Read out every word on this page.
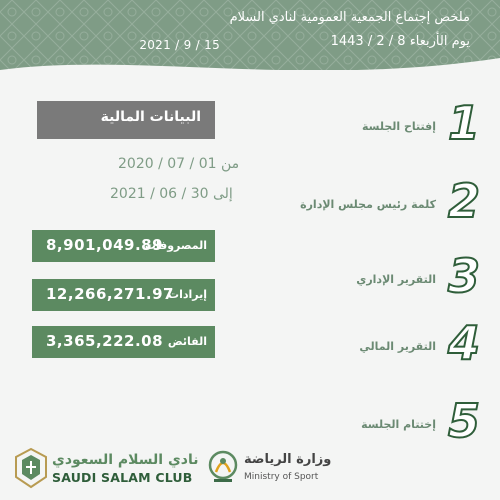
ملخص إجتماع الجمعية العمومية لنادي السلام
يوم الأربعاء 8 / 2 / 1443
2021 / 9 / 15
البيانات المالية
من 01 / 07 / 2020
إلى 30 / 06 / 2021
المصروفات
8,901,049.89
إيرادات
12,266,271.97
الفائض
3,365,222.08
1
إفتتاح الجلسة
2
كلمة رئيس مجلس الإدارة
3
التقرير الإداري
4
التقرير المالي
5
إختتام الجلسة
نادي السلام السعودي
SAUDI SALAM CLUB
وزارة الرياضة
Ministry of Sport
